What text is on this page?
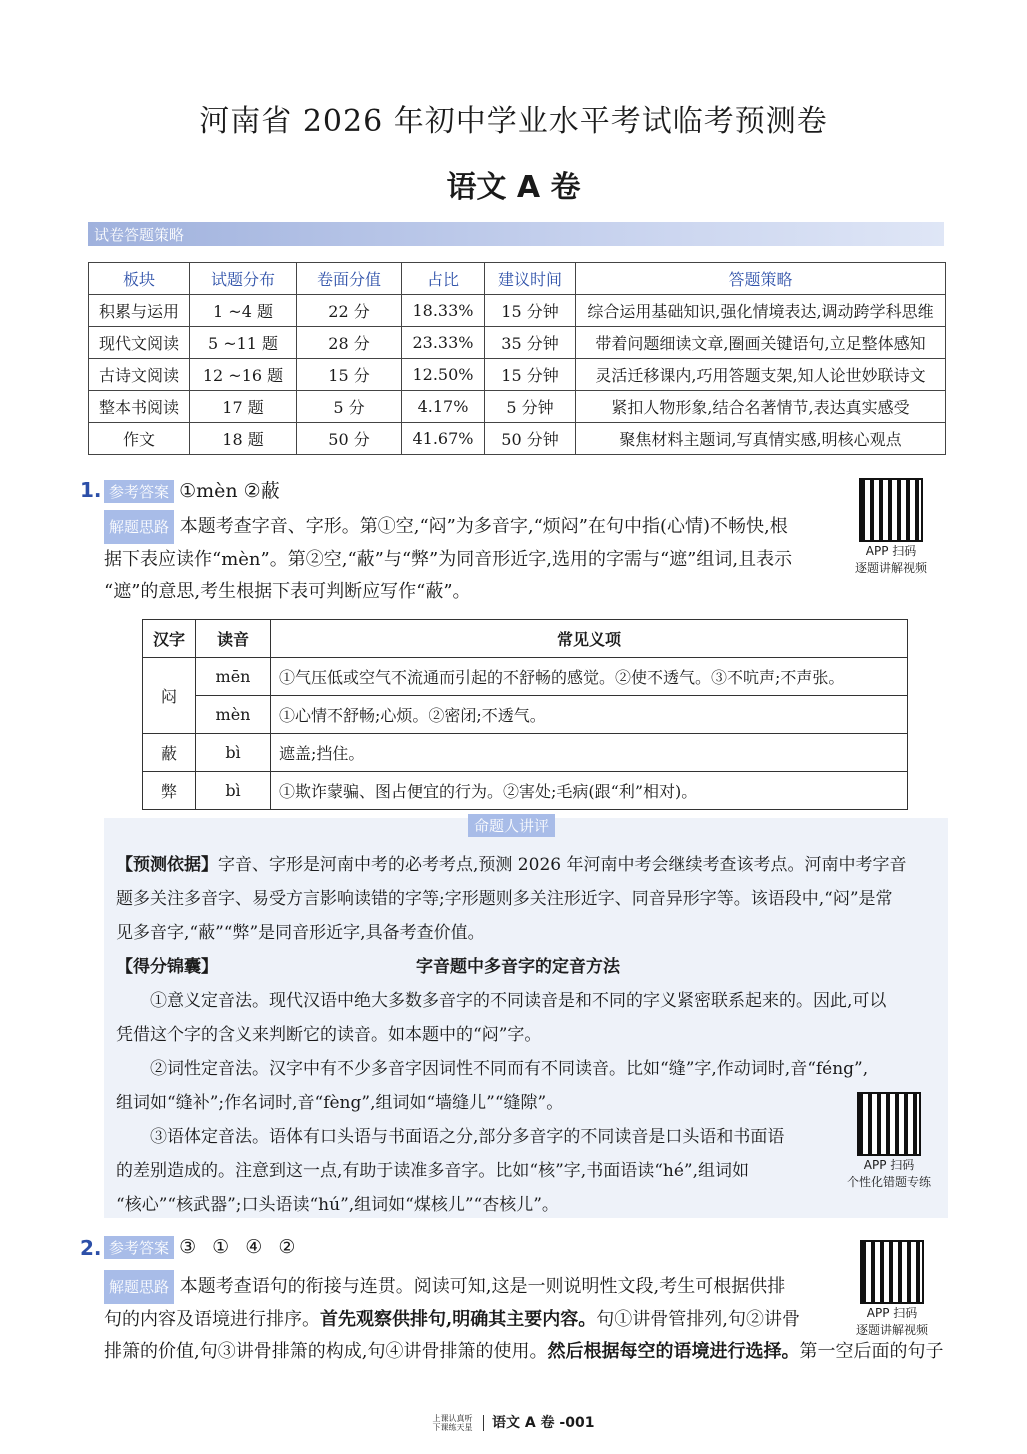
河南省 2026 年初中学业水平考试临考预测卷
语文 A 卷
试卷答题策略
板块	试题分布	卷面分值	占比	建议时间	答题策略
积累与运用	1 ~4 题	22 分	18.33%	15 分钟	综合运用基础知识,强化情境表达,调动跨学科思维
现代文阅读	5 ~11 题	28 分	23.33%	35 分钟	带着问题细读文章,圈画关键语句,立足整体感知
古诗文阅读	12 ~16 题	15 分	12.50%	15 分钟	灵活迁移课内,巧用答题支架,知人论世妙联诗文
整本书阅读	17 题	5 分	4.17%	5 分钟	紧扣人物形象,结合名著情节,表达真实感受
作文	18 题	50 分	41.67%	50 分钟	聚焦材料主题词,写真情实感,明核心观点
1. 参考答案 ①mèn ②蔽
解题思路 本题考查字音、字形。第①空,“闷”为多音字,“烦闷”在句中指(心情)不畅快,根
据下表应读作“mèn”。第②空,“蔽”与“弊”为同音形近字,选用的字需与“遮”组词,且表示
“遮”的意思,考生根据下表可判断应写作“蔽”。
APP 扫码
逐题讲解视频
汉字	读音	常见义项
闷	mēn	①气压低或空气不流通而引起的不舒畅的感觉。②使不透气。③不吭声;不声张。
	mèn	①心情不舒畅;心烦。②密闭;不透气。
蔽	bì	遮盖;挡住。
弊	bì	①欺诈蒙骗、图占便宜的行为。②害处;毛病(跟“利”相对)。
命题人讲评
【预测依据】字音、字形是河南中考的必考考点,预测 2026 年河南中考会继续考查该考点。河南中考字音
题多关注多音字、易受方言影响读错的字等;字形题则多关注形近字、同音异形字等。该语段中,“闷”是常
见多音字,“蔽”“弊”是同音形近字,具备考查价值。
【得分锦囊】	字音题中多音字的定音方法
①意义定音法。现代汉语中绝大多数多音字的不同读音是和不同的字义紧密联系起来的。因此,可以
凭借这个字的含义来判断它的读音。如本题中的“闷”字。
②词性定音法。汉字中有不少多音字因词性不同而有不同读音。比如“缝”字,作动词时,音“féng”,
组词如“缝补”;作名词时,音“fèng”,组词如“墙缝儿”“缝隙”。
③语体定音法。语体有口头语与书面语之分,部分多音字的不同读音是口头语和书面语
的差别造成的。注意到这一点,有助于读准多音字。比如“核”字,书面语读“hé”,组词如
“核心”“核武器”;口头语读“hú”,组词如“煤核儿”“杏核儿”。
APP 扫码
个性化错题专练
2. 参考答案 ③ ① ④ ②
解题思路 本题考查语句的衔接与连贯。阅读可知,这是一则说明性文段,考生可根据供排
句的内容及语境进行排序。首先观察供排句,明确其主要内容。句①讲骨管排列,句②讲骨
排箫的价值,句③讲骨排箫的构成,句④讲骨排箫的使用。然后根据每空的语境进行选择。第一空后面的句子
APP 扫码
逐题讲解视频
上课认真听
下课练天星 语文 A 卷 -001
